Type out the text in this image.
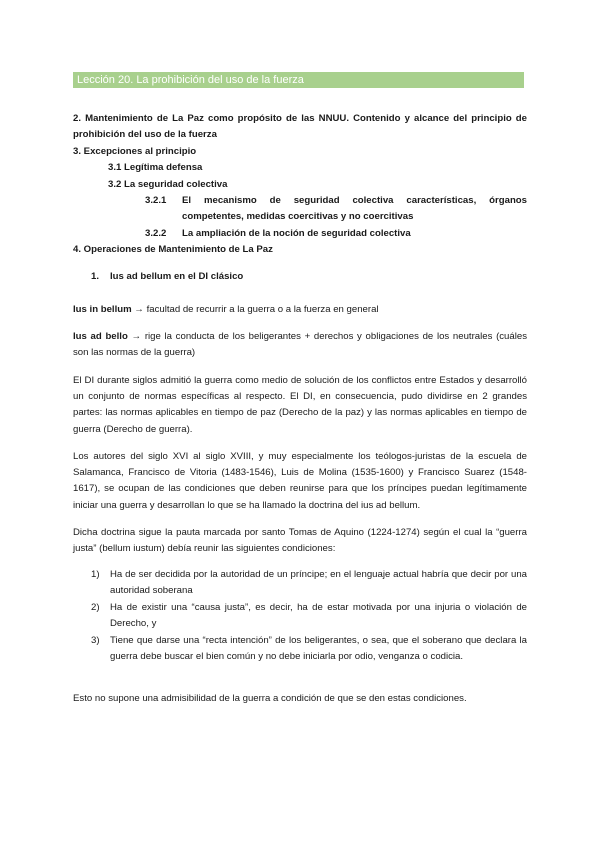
Lección 20. La prohibición del uso de la fuerza
2. Mantenimiento de La Paz como propósito de las NNUU. Contenido y alcance del principio de prohibición del uso de la fuerza
3. Excepciones al principio
3.1 Legítima defensa
3.2 La seguridad colectiva
3.2.1 El mecanismo de seguridad colectiva características, órganos competentes, medidas coercitivas y no coercitivas
3.2.2 La ampliación de la noción de seguridad colectiva
4. Operaciones de Mantenimiento de La Paz
1. Ius ad bellum en el DI clásico
Ius in bellum → facultad de recurrir a la guerra o a la fuerza en general
Ius ad bello → rige la conducta de los beligerantes + derechos y obligaciones de los neutrales (cuáles son las normas de la guerra)
El DI durante siglos admitió la guerra como medio de solución de los conflictos entre Estados y desarrolló un conjunto de normas específicas al respecto. El DI, en consecuencia, pudo dividirse en 2 grandes partes: las normas aplicables en tiempo de paz (Derecho de la paz) y las normas aplicables en tiempo de guerra (Derecho de guerra).
Los autores del siglo XVI al siglo XVIII, y muy especialmente los teólogos-juristas de la escuela de Salamanca, Francisco de Vitoria (1483-1546), Luis de Molina (1535-1600) y Francisco Suarez (1548-1617), se ocupan de las condiciones que deben reunirse para que los príncipes puedan legítimamente iniciar una guerra y desarrollan lo que se ha llamado la doctrina del ius ad bellum.
Dicha doctrina sigue la pauta marcada por santo Tomas de Aquino (1224-1274) según el cual la “guerra justa” (bellum iustum) debía reunir las siguientes condiciones:
1) Ha de ser decidida por la autoridad de un príncipe; en el lenguaje actual habría que decir por una autoridad soberana
2) Ha de existir una “causa justa”, es decir, ha de estar motivada por una injuria o violación de Derecho, y
3) Tiene que darse una “recta intención” de los beligerantes, o sea, que el soberano que declara la guerra debe buscar el bien común y no debe iniciarla por odio, venganza o codicia.
Esto no supone una admisibilidad de la guerra a condición de que se den estas condiciones.
